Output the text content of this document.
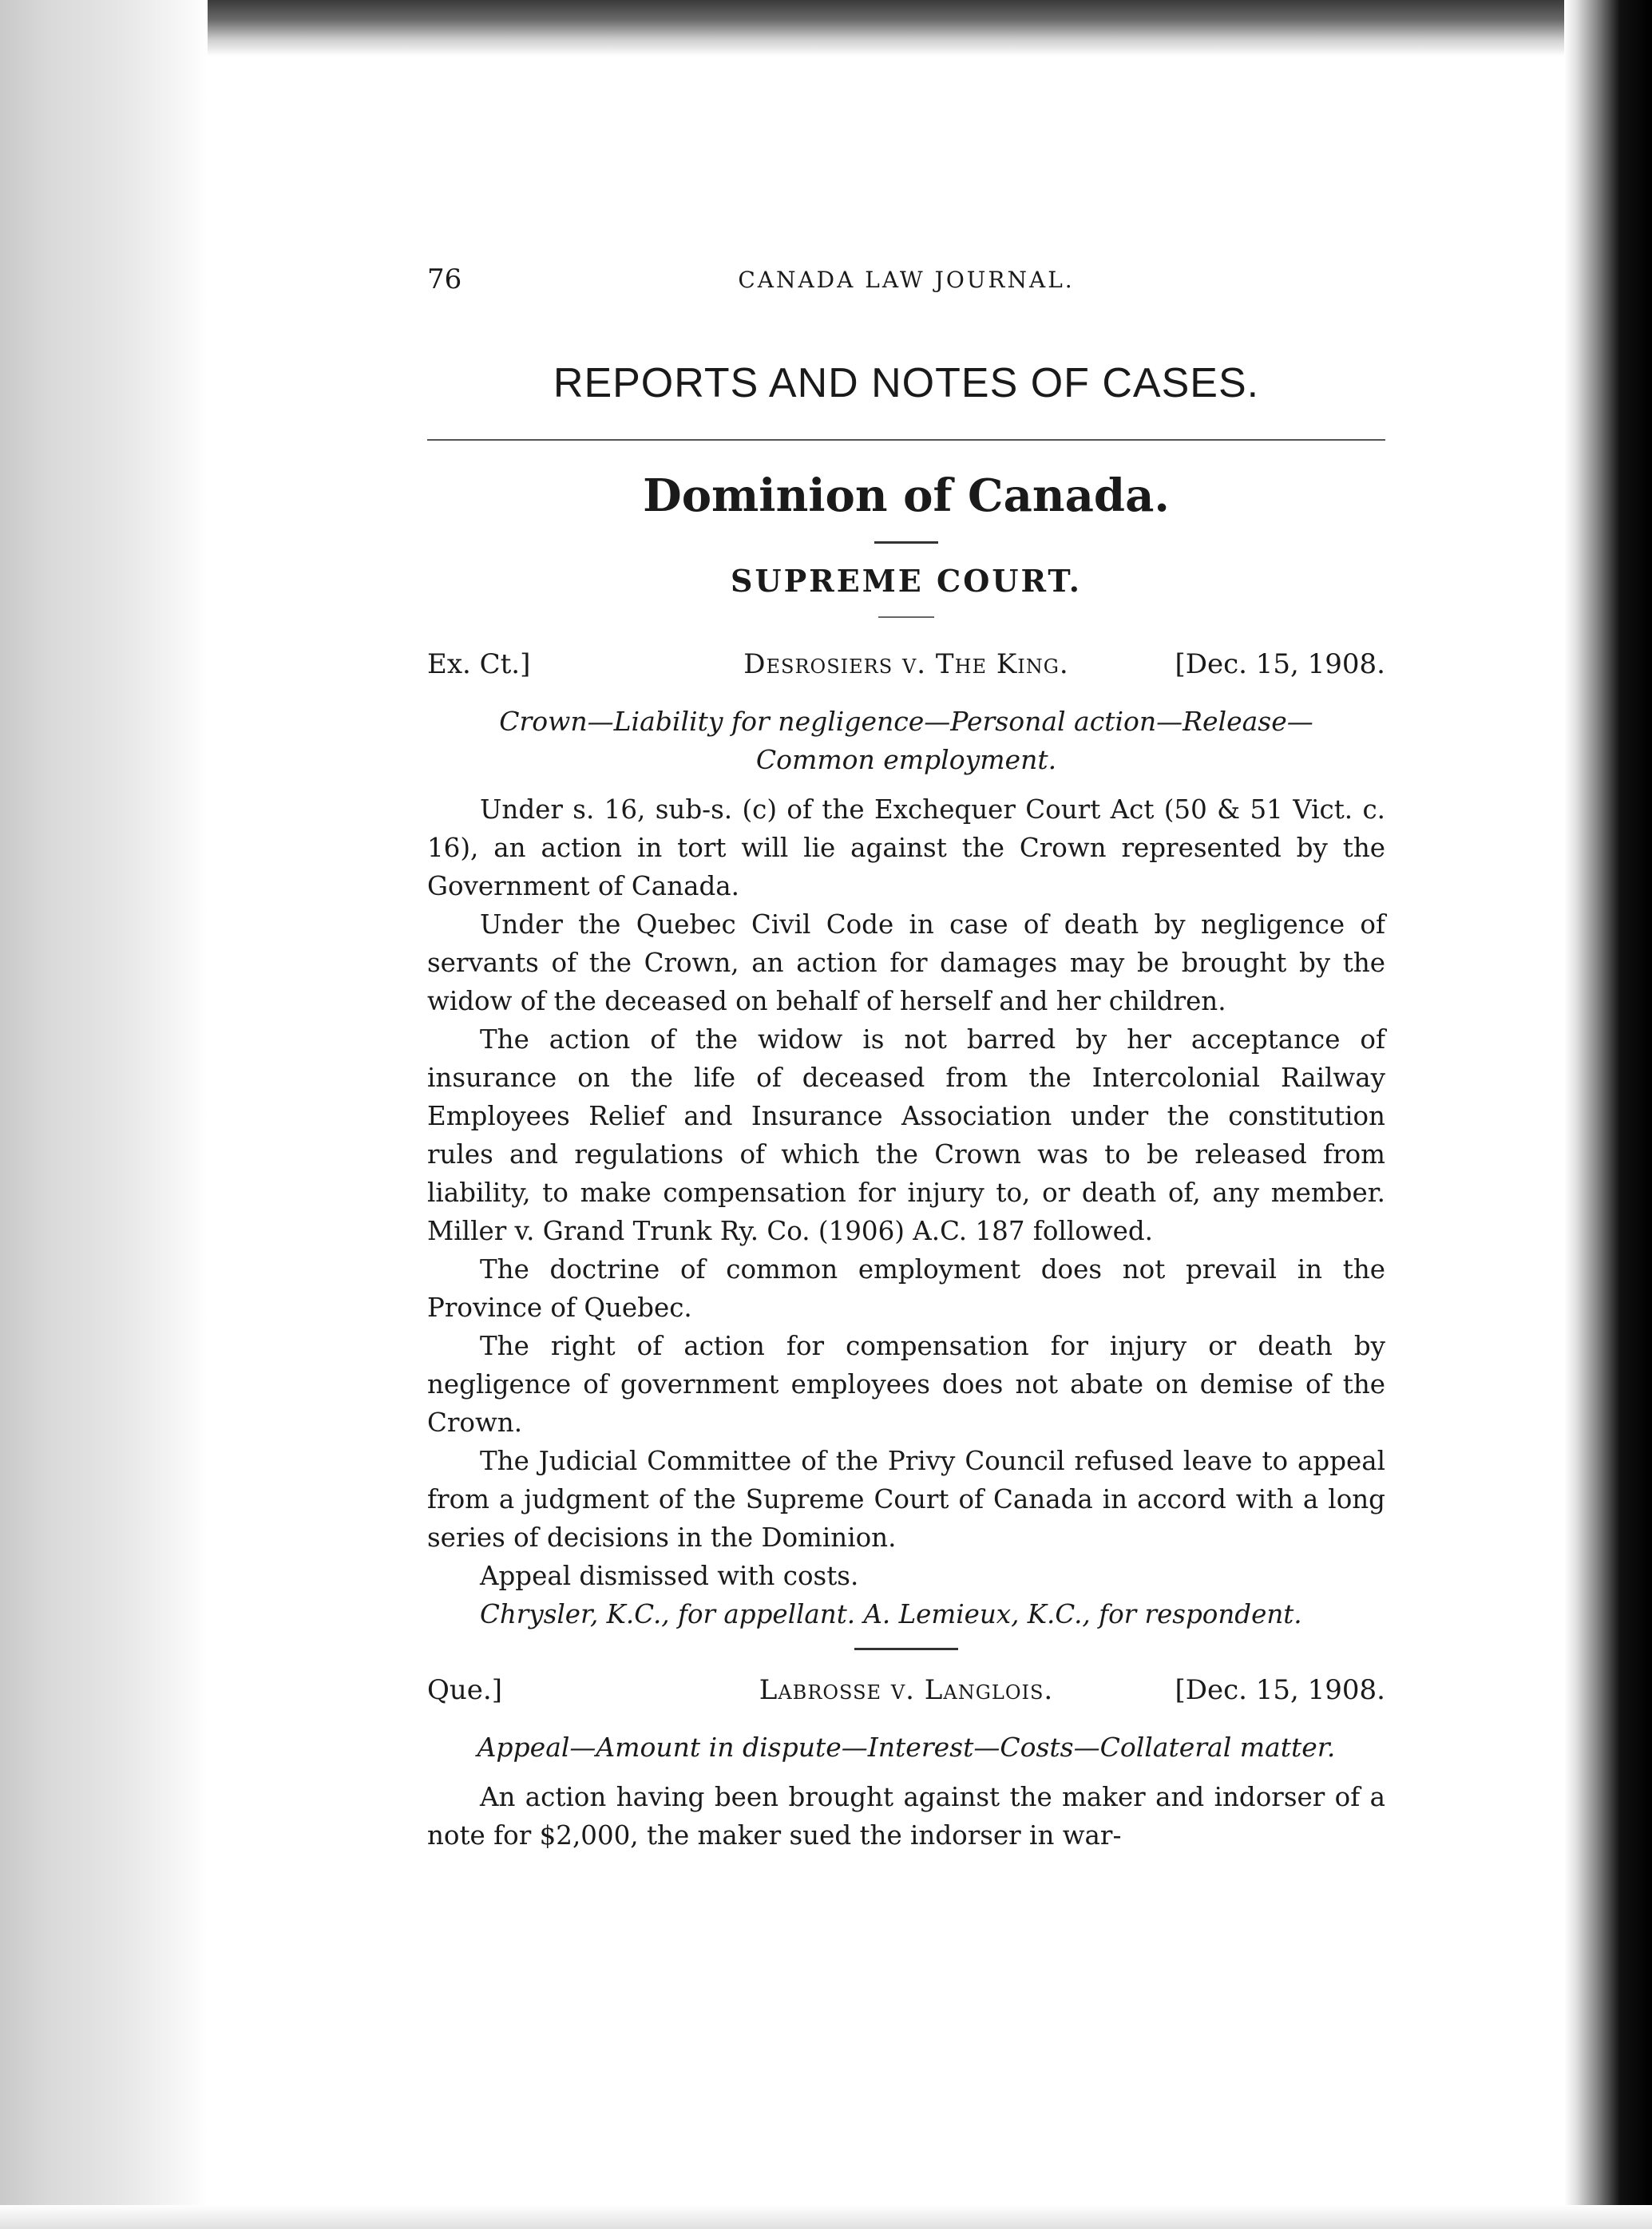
76	CANADA LAW JOURNAL.
REPORTS AND NOTES OF CASES.
Dominion of Canada.
SUPREME COURT.
Ex. Ct.]	Desrosiers v. The King.	[Dec. 15, 1908.
Crown—Liability for negligence—Personal action—Release—
Common employment.

Under s. 16, sub-s. (c) of the Exchequer Court Act (50 & 51 Vict. c. 16), an action in tort will lie against the Crown represented by the Government of Canada.

Under the Quebec Civil Code in case of death by negligence of servants of the Crown, an action for damages may be brought by the widow of the deceased on behalf of herself and her children.

The action of the widow is not barred by her acceptance of insurance on the life of deceased from the Intercolonial Railway Employees Relief and Insurance Association under the constitution rules and regulations of which the Crown was to be released from liability, to make compensation for injury to, or death of, any member. Miller v. Grand Trunk Ry. Co. (1906) A.C. 187 followed.

The doctrine of common employment does not prevail in the Province of Quebec.

The right of action for compensation for injury or death by negligence of government employees does not abate on demise of the Crown.

The Judicial Committee of the Privy Council refused leave to appeal from a judgment of the Supreme Court of Canada in accord with a long series of decisions in the Dominion.

Appeal dismissed with costs.

Chrysler, K.C., for appellant. A. Lemieux, K.C., for respondent.

Que.]	Labrosse v. Langlois.	[Dec. 15, 1908.
Appeal—Amount in dispute—Interest—Costs—Collateral matter.

An action having been brought against the maker and indorser of a note for $2,000, the maker sued the indorser in war-
